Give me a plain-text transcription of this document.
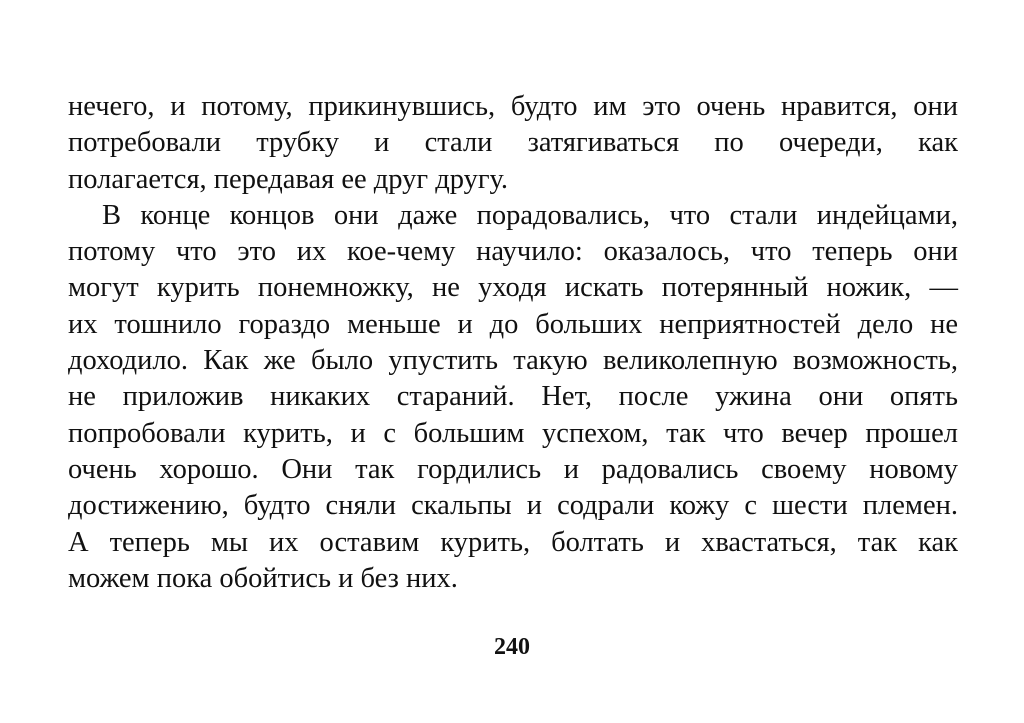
нечего, и потому, прикинувшись, будто им это очень нравится, они
потребовали трубку и стали затягиваться по очереди, как
полагается, передавая ее друг другу.
В конце концов они даже порадовались, что стали индейцами,
потому что это их кое-чему научило: оказалось, что теперь они
могут курить понемножку, не уходя искать потерянный ножик, —
их тошнило гораздо меньше и до больших неприятностей дело не
доходило. Как же было упустить такую великолепную возможность,
не приложив никаких стараний. Нет, после ужина они опять
попробовали курить, и с большим успехом, так что вечер прошел
очень хорошо. Они так гордились и радовались своему новому
достижению, будто сняли скальпы и содрали кожу с шести племен.
А теперь мы их оставим курить, болтать и хвастаться, так как
можем пока обойтись и без них.
240
